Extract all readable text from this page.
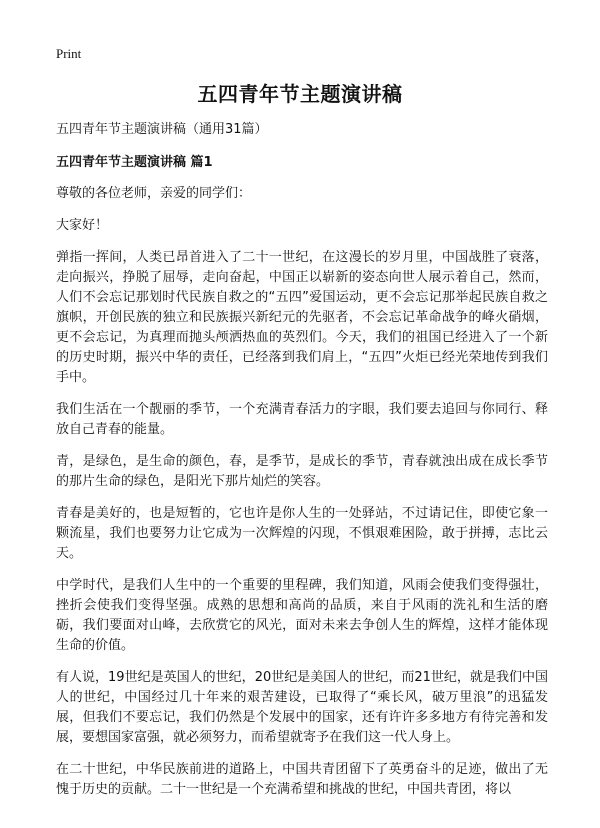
Print
五四青年节主题演讲稿

五四青年节主题演讲稿（通用31篇）

五四青年节主题演讲稿 篇1

尊敬的各位老师，亲爱的同学们：

大家好！

弹指一挥间，人类已昂首进入了二十一世纪，在这漫长的岁月里，中国战胜了衰落，走向振兴，挣脱了屈辱，走向奋起，中国正以崭新的姿态向世人展示着自己，然而，人们不会忘记那划时代民族自救之的“五四”爱国运动，更不会忘记那举起民族自救之旗帜，开创民族的独立和民族振兴新纪元的先驱者，不会忘记革命战争的峰火硝烟，更不会忘记，为真理而抛头颅洒热血的英烈们。今天，我们的祖国已经进入了一个新的历史时期，振兴中华的责任，已经落到我们肩上，“五四”火炬已经光荣地传到我们手中。

我们生活在一个靓丽的季节，一个充满青春活力的字眼，我们要去追回与你同行、释放自己青春的能量。

青，是绿色，是生命的颜色，春，是季节，是成长的季节，青春就浊出成在成长季节的那片生命的绿色，是阳光下那片灿烂的笑容。

青春是美好的，也是短暂的，它也许是你人生的一处驿站，不过请记住，即使它象一颗流星，我们也要努力让它成为一次辉煌的闪现，不惧艰难困险，敢于拼搏，志比云天。

中学时代，是我们人生中的一个重要的里程碑，我们知道，风雨会使我们变得强壮，挫折会使我们变得坚强。成熟的思想和高尚的品质，来自于风雨的洗礼和生活的磨砺，我们要面对山峰，去欣赏它的风光，面对未来去争创人生的辉煌，这样才能体现生命的价值。

有人说，19世纪是英国人的世纪，20世纪是美国人的世纪，而21世纪，就是我们中国人的世纪，中国经过几十年来的艰苦建设，已取得了“乘长风，破万里浪”的迅猛发展，但我们不要忘记，我们仍然是个发展中的国家，还有许许多多地方有待完善和发展，要想国家富强，就必须努力，而希望就寄予在我们这一代人身上。

在二十世纪，中华民族前进的道路上，中国共青团留下了英勇奋斗的足迹，做出了无愧于历史的贡献。二十一世纪是一个充满希望和挑战的世纪，中国共青团，将以
